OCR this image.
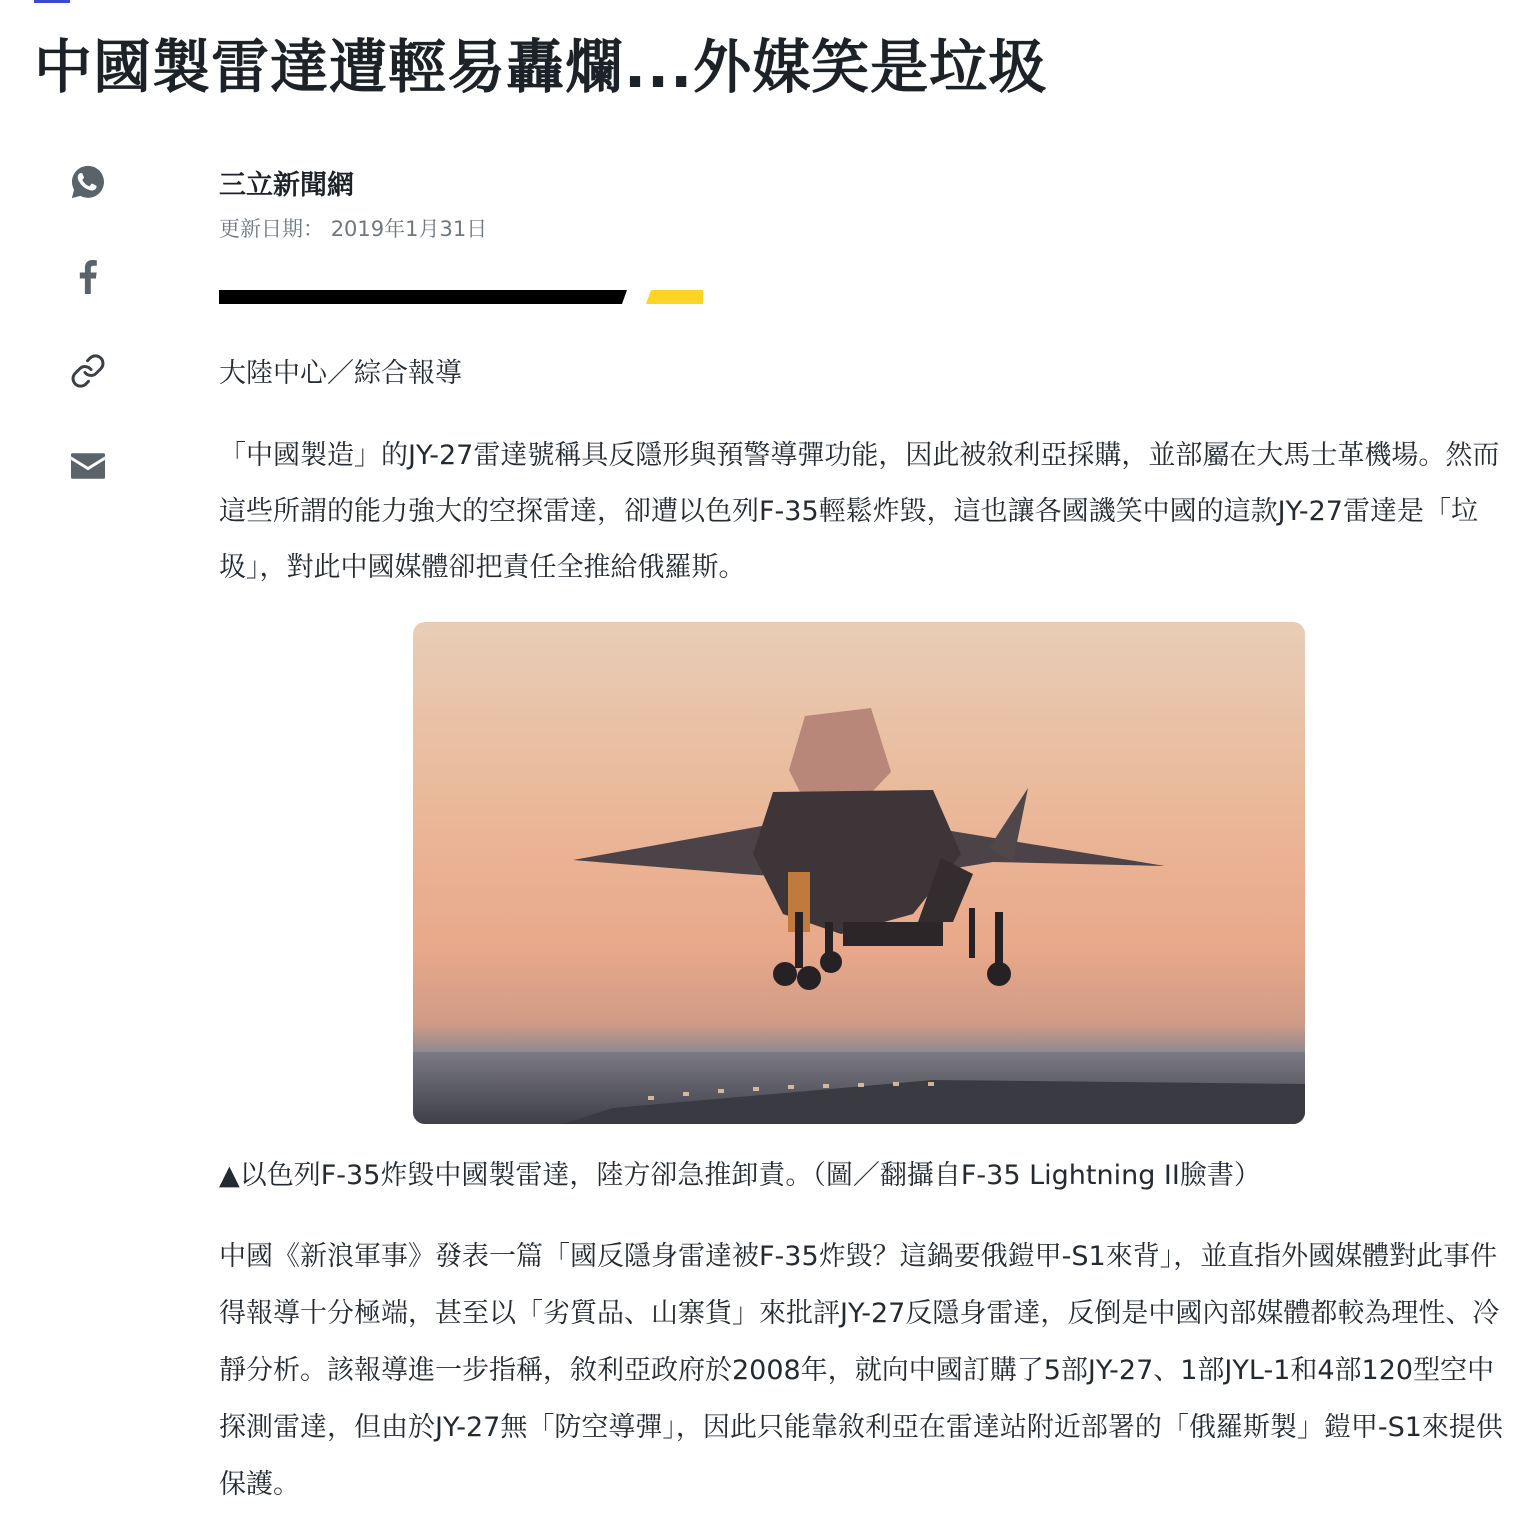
中國製雷達遭輕易轟爛...外媒笑是垃圾
三立新聞網
更新日期： 2019年1月31日

大陸中心／綜合報導

「中國製造」的JY-27雷達號稱具反隱形與預警導彈功能，因此被敘利亞採購，並部屬在大馬士革機場。然而這些所謂的能力強大的空探雷達，卻遭以色列F-35輕鬆炸毀，這也讓各國譏笑中國的這款JY-27雷達是「垃圾」，對此中國媒體卻把責任全推給俄羅斯。

▲以色列F-35炸毀中國製雷達，陸方卻急推卸責。（圖／翻攝自F-35 Lightning II臉書）

中國《新浪軍事》發表一篇「國反隱身雷達被F-35炸毀？這鍋要俄鎧甲-S1來背」，並直指外國媒體對此事件得報導十分極端，甚至以「劣質品、山寨貨」來批評JY-27反隱身雷達，反倒是中國內部媒體都較為理性、冷靜分析。該報導進一步指稱，敘利亞政府於2008年，就向中國訂購了5部JY-27、1部JYL-1和4部120型空中探測雷達，但由於JY-27無「防空導彈」，因此只能靠敘利亞在雷達站附近部署的「俄羅斯製」鎧甲-S1來提供保護。
